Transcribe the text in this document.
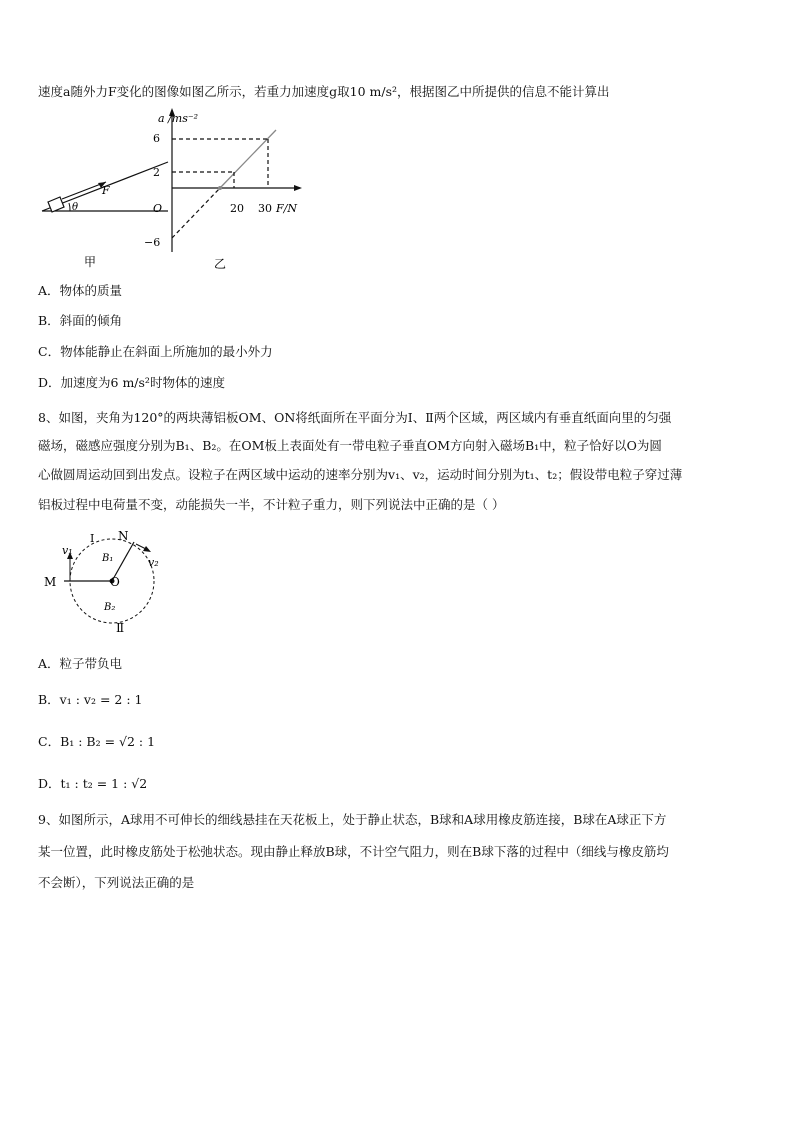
速度a随外力F变化的图像如图乙所示，若重力加速度g取10 m/s²，根据图乙中所提供的信息不能计算出
F
θ
甲
a /ms⁻²
6
2
O
−6
20 30 F/N
乙
A．物体的质量
B．斜面的倾角
C．物体能静止在斜面上所施加的最小外力
D．加速度为6 m/s²时物体的速度
8、如图，夹角为120°的两块薄铝板OM、ON将纸面所在平面分为Ⅰ、Ⅱ两个区域，两区域内有垂直纸面向里的匀强
磁场，磁感应强度分别为B₁、B₂。在OM板上表面处有一带电粒子垂直OM方向射入磁场B₁中，粒子恰好以O为圆
心做圆周运动回到出发点。设粒子在两区域中运动的速率分别为v₁、v₂，运动时间分别为t₁、t₂；假设带电粒子穿过薄
铝板过程中电荷量不变，动能损失一半，不计粒子重力，则下列说法中正确的是（ ）
Ⅰ N
v₁
v₂
B₁
M	O
B₂
Ⅱ
A．粒子带负电
B．v₁ : v₂ = 2 : 1
C．B₁ : B₂ = √2 : 1
D．t₁ : t₂ = 1 : √2
9、如图所示，A球用不可伸长的细线悬挂在天花板上，处于静止状态，B球和A球用橡皮筋连接，B球在A球正下方
某一位置，此时橡皮筋处于松弛状态。现由静止释放B球，不计空气阻力，则在B球下落的过程中（细线与橡皮筋均
不会断），下列说法正确的是
